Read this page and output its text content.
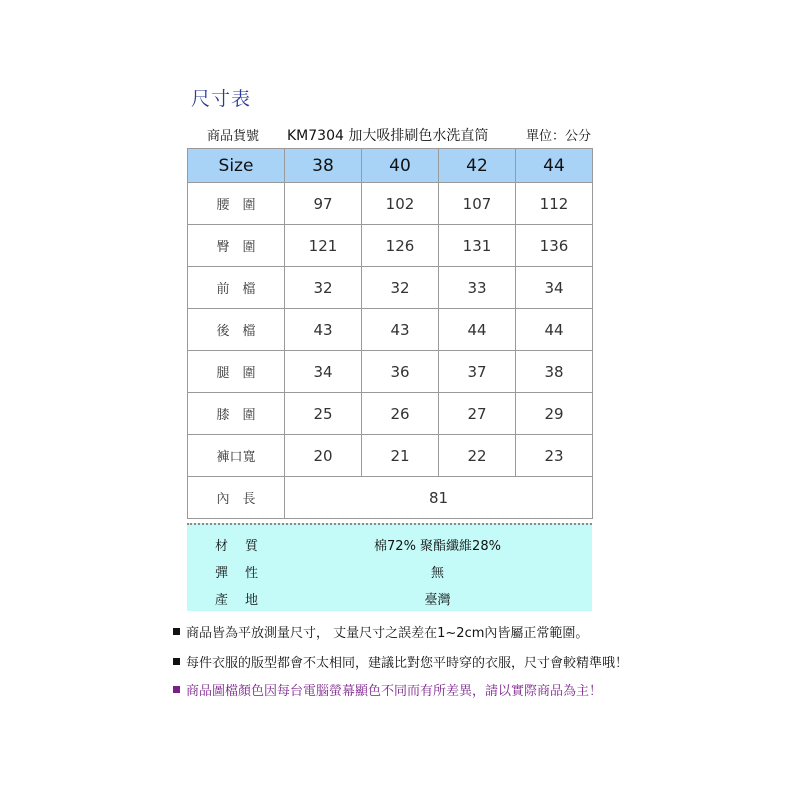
尺寸表
商品貨號 KM7304 加大吸排刷色水洗直筒	單位：公分
Size	38	40	42	44
腰圍	97	102	107	112
臀圍	121	126	131	136
前檔	32	32	33	34
後檔	43	43	44	44
腿圍	34	36	37	38
膝圍	25	26	27	29
褲口寬	20	21	22	23
內長	81			
材質	棉72% 聚酯纖維28%
彈性	無
產地	臺灣
商品皆為平放測量尺寸， 丈量尺寸之誤差在1~2cm內皆屬正常範圍。
每件衣服的版型都會不太相同，建議比對您平時穿的衣服，尺寸會較精準哦！
商品圖檔顏色因每台電腦螢幕顯色不同而有所差異，請以實際商品為主！
